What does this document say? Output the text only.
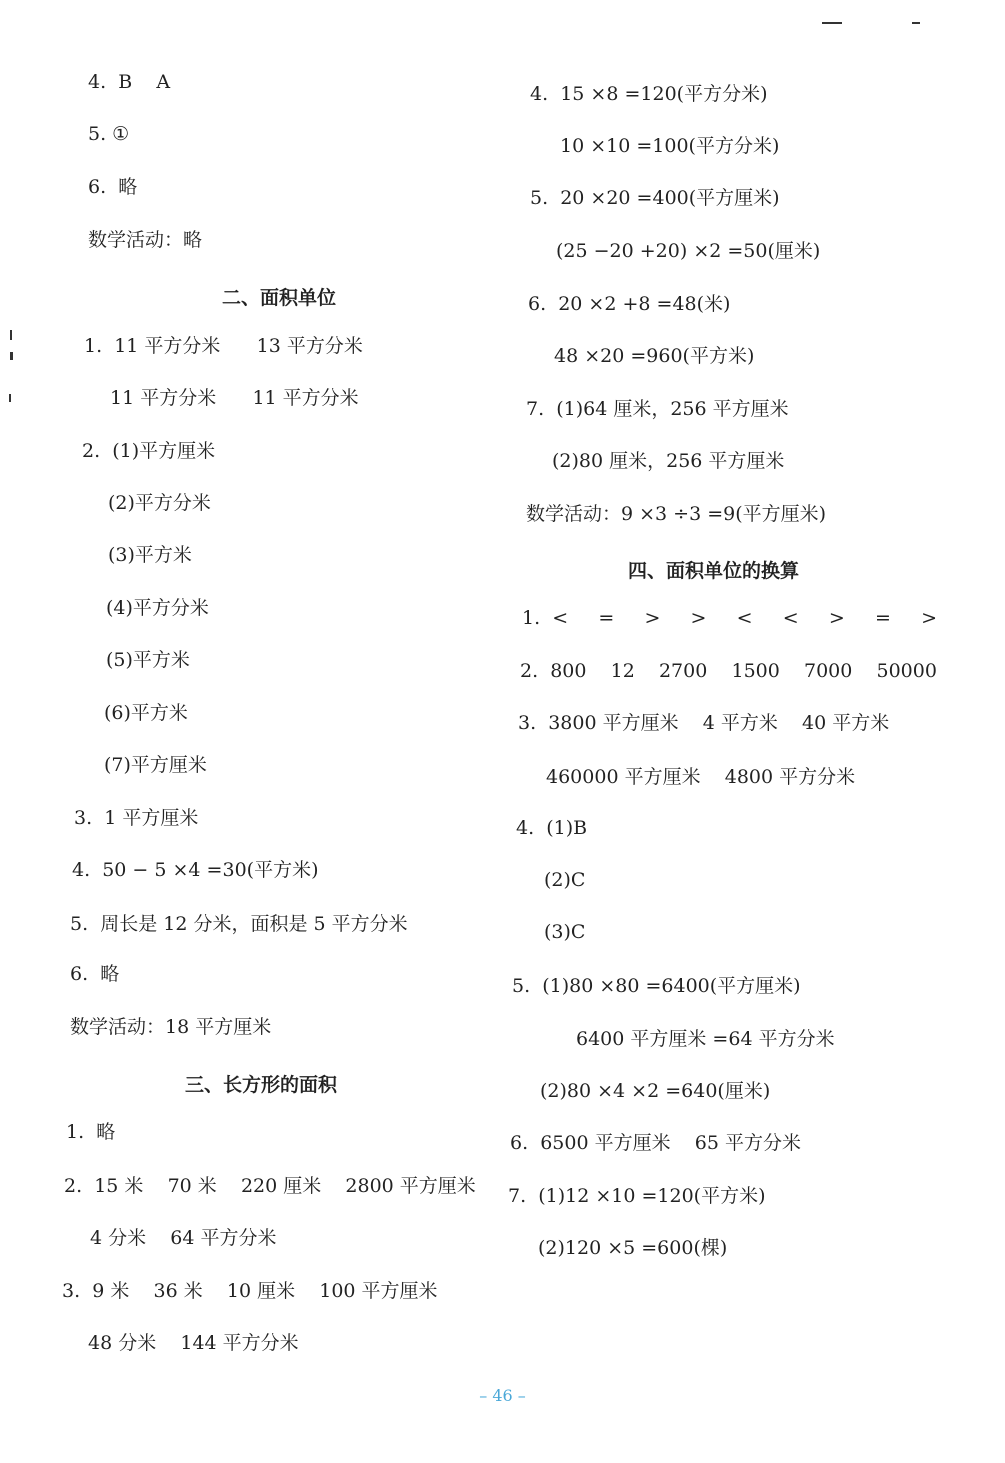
4.  B    A
5. ①
6.  略
数学活动：略
二、面积单位
1.  11 平方分米      13 平方分米
11 平方分米      11 平方分米
2.  (1)平方厘米
(2)平方分米
(3)平方米
(4)平方分米
(5)平方米
(6)平方米
(7)平方厘米
3.  1 平方厘米
4.  50 − 5 ×4 =30(平方米)
5.  周长是 12 分米，面积是 5 平方分米
6.  略
数学活动：18 平方厘米
三、长方形的面积
1.  略
2.  15 米    70 米    220 厘米    2800 平方厘米
4 分米    64 平方分米
3.  9 米    36 米    10 厘米    100 平方厘米
48 分米    144 平方分米
4.  15 ×8 =120(平方分米)
10 ×10 =100(平方分米)
5.  20 ×20 =400(平方厘米)
(25 −20 +20) ×2 =50(厘米)
6.  20 ×2 +8 =48(米)
48 ×20 =960(平方米)
7.  (1)64 厘米，256 平方厘米
(2)80 厘米，256 平方厘米
数学活动：9 ×3 ÷3 =9(平方厘米)
四、面积单位的换算
1.  <     =     >     >     <     <     >     =     >
2.  800    12    2700    1500    7000    50000
3.  3800 平方厘米    4 平方米    40 平方米
460000 平方厘米    4800 平方分米
4.  (1)B
(2)C
(3)C
5.  (1)80 ×80 =6400(平方厘米)
6400 平方厘米 =64 平方分米
(2)80 ×4 ×2 =640(厘米)
6.  6500 平方厘米    65 平方分米
7.  (1)12 ×10 =120(平方米)
(2)120 ×5 =600(棵)
– 46 –
